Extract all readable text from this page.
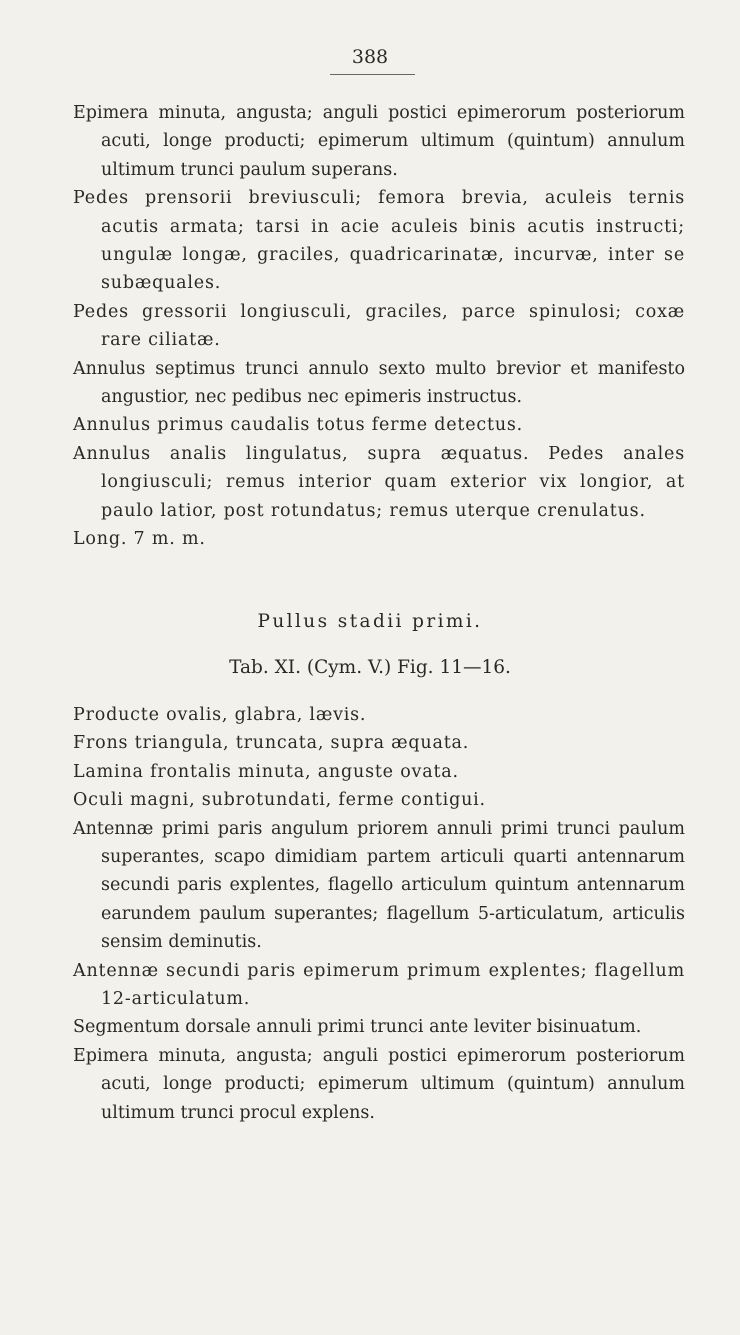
388

Epimera minuta, angusta; anguli postici epimerorum posteriorum acuti, longe producti; epimerum ultimum (quintum) annulum ultimum trunci paulum superans.

Pedes prensorii breviusculi; femora brevia, aculeis ternis acutis armata; tarsi in acie aculeis binis acutis instructi; ungulæ longæ, graciles, quadricarinatæ, incurvæ, inter se subæquales.

Pedes gressorii longiusculi, graciles, parce spinulosi; coxæ rare ciliatæ.

Annulus septimus trunci annulo sexto multo brevior et manifesto angustior, nec pedibus nec epimeris instructus.

Annulus primus caudalis totus ferme detectus.

Annulus analis lingulatus, supra æquatus. Pedes anales longiusculi; remus interior quam exterior vix longior, at paulo latior, post rotundatus; remus uterque crenulatus.

Long. 7 m. m.

Pullus stadii primi.
Tab. XI. (Cym. V.) Fig. 11—16.

Producte ovalis, glabra, lævis.

Frons triangula, truncata, supra æquata.

Lamina frontalis minuta, anguste ovata.

Oculi magni, subrotundati, ferme contigui.

Antennæ primi paris angulum priorem annuli primi trunci paulum superantes, scapo dimidiam partem articuli quarti antennarum secundi paris explentes, flagello articulum quintum antennarum earundem paulum superantes; flagellum 5-articulatum, articulis sensim deminutis.

Antennæ secundi paris epimerum primum explentes; flagellum 12-articulatum.

Segmentum dorsale annuli primi trunci ante leviter bisinuatum.

Epimera minuta, angusta; anguli postici epimerorum posteriorum acuti, longe producti; epimerum ultimum (quintum) annulum ultimum trunci procul explens.
